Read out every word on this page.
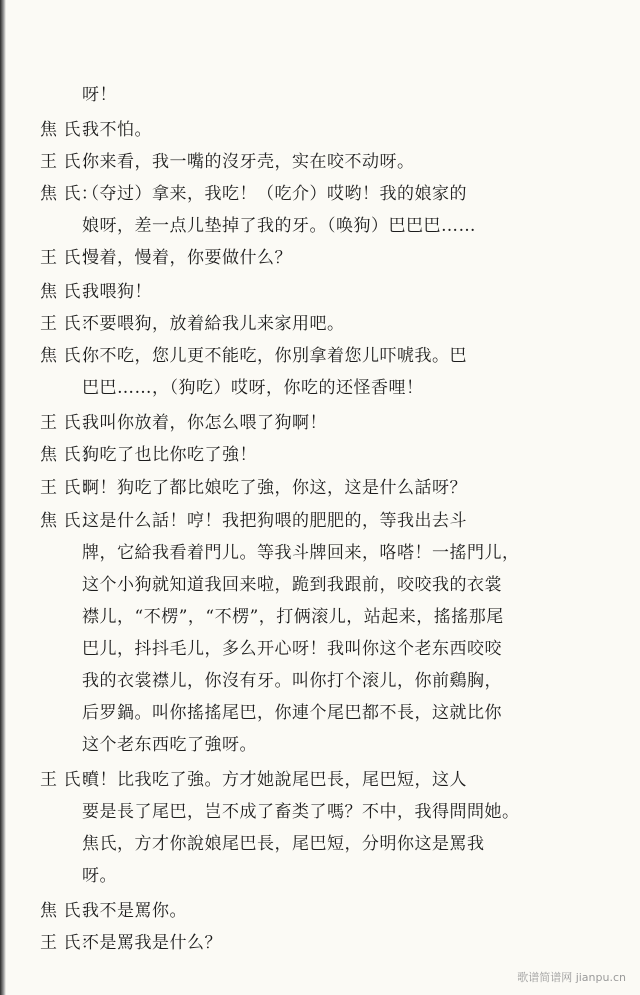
呀！
焦 氏：
我不怕。
王 氏：
你来看，我一嘴的沒牙壳，实在咬不动呀。
焦 氏：
（夺过）拿来，我吃！（吃介）哎哟！我的娘家的
娘呀，差一点儿垫掉了我的牙。（唤狗）巴巴巴……
王 氏：
慢着，慢着，你要做什么？
焦 氏：
我喂狗！
王 氏：
不要喂狗，放着給我儿来家用吧。
焦 氏：
你不吃，您儿更不能吃，你別拿着您儿吓唬我。巴
巴巴……，（狗吃）哎呀，你吃的还怪香哩！
王 氏：
我叫你放着，你怎么喂了狗啊！
焦 氏：
狗吃了也比你吃了強！
王 氏：
啊！狗吃了都比娘吃了強，你这，这是什么話呀？
焦 氏：
这是什么話！哼！我把狗喂的肥肥的，等我出去斗
牌，它給我看着門儿。等我斗牌回来，咯嗒！一搖門儿，
这个小狗就知道我回来啦，跪到我跟前，咬咬我的衣裳
襟儿，“不楞”，“不楞”，打俩滚儿，站起来，搖搖那尾
巴儿，抖抖毛儿，多么开心呀！我叫你这个老东西咬咬
我的衣裳襟儿，你沒有牙。叫你打个滚儿，你前鷄胸，
后罗鍋。叫你搖搖尾巴，你連个尾巴都不長，这就比你
这个老东西吃了強呀。
王 氏：
噴！比我吃了強。方才她說尾巴長，尾巴短，这人
要是長了尾巴，岂不成了畜类了嗎？不中，我得問問她。
焦氏，方才你說娘尾巴長，尾巴短，分明你这是罵我
呀。
焦 氏：
我不是罵你。
王 氏：
不是罵我是什么？
歌谱简谱网 jianpu.cn
